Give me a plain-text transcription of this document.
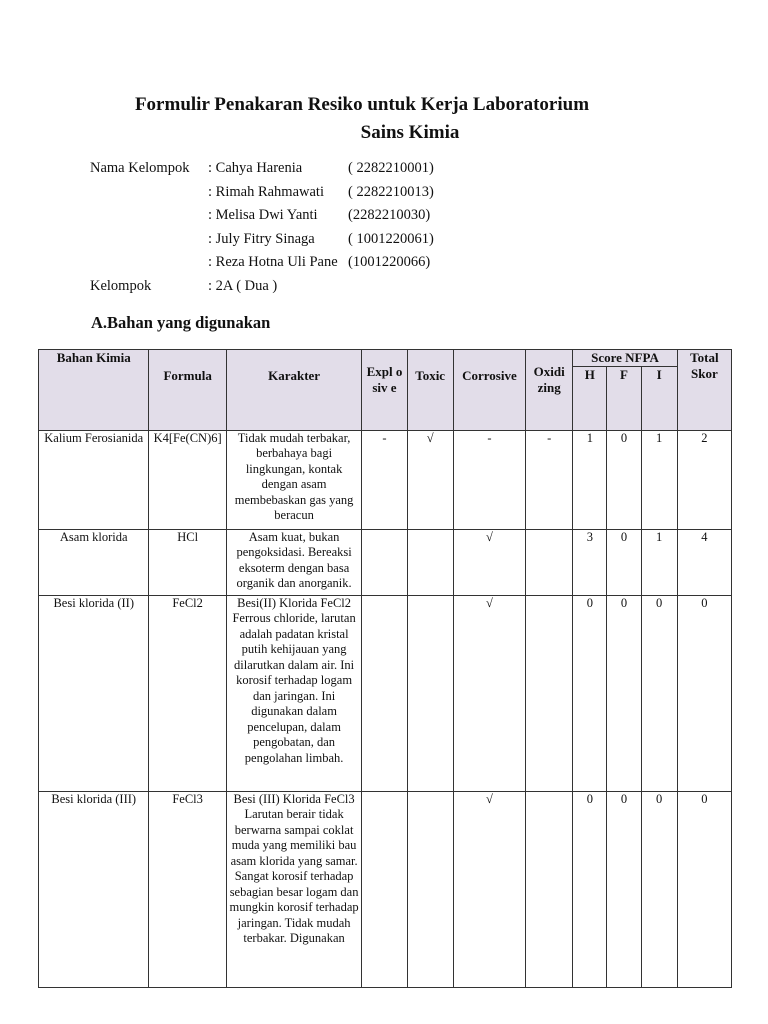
Formulir Penakaran Resiko untuk Kerja Laboratorium
Sains Kimia
Nama Kelompok	: Cahya Harenia	( 2282210001)
: Rimah Rahmawati	( 2282210013)
: Melisa Dwi Yanti	(2282210030)
: July Fitry Sinaga	( 1001220061)
: Reza Hotna Uli Pane (1001220066)
Kelompok	: 2A ( Dua )
A.Bahan yang digunakan
Bahan Kimia	Formula	Karakter	Expl o siv e	Toxic	Corrosive	Oxidi zing	Score NFPA			Total Skor
							H	F	I	
Kalium Ferosianida	K4[Fe(CN)6]	Tidak mudah terbakar, berbahaya bagi lingkungan, kontak dengan asam membebaskan gas yang beracun	-	√	-	-	1	0	1	2
Asam klorida	HCl	Asam kuat, bukan pengoksidasi. Bereaksi eksoterm dengan basa organik dan anorganik.			√		3	0	1	4
Besi klorida (II)	FeCl2	Besi(II) Klorida FeCl2 Ferrous chloride, larutan adalah padatan kristal putih kehijauan yang dilarutkan dalam air. Ini korosif terhadap logam dan jaringan. Ini digunakan dalam pencelupan, dalam pengobatan, dan pengolahan limbah.			√		0	0	0	0
Besi klorida (III)	FeCl3	Besi (III) Klorida FeCl3 Larutan berair tidak berwarna sampai coklat muda yang memiliki bau asam klorida yang samar. Sangat korosif terhadap sebagian besar logam dan mungkin korosif terhadap jaringan. Tidak mudah terbakar. Digunakan			√		0	0	0	0
